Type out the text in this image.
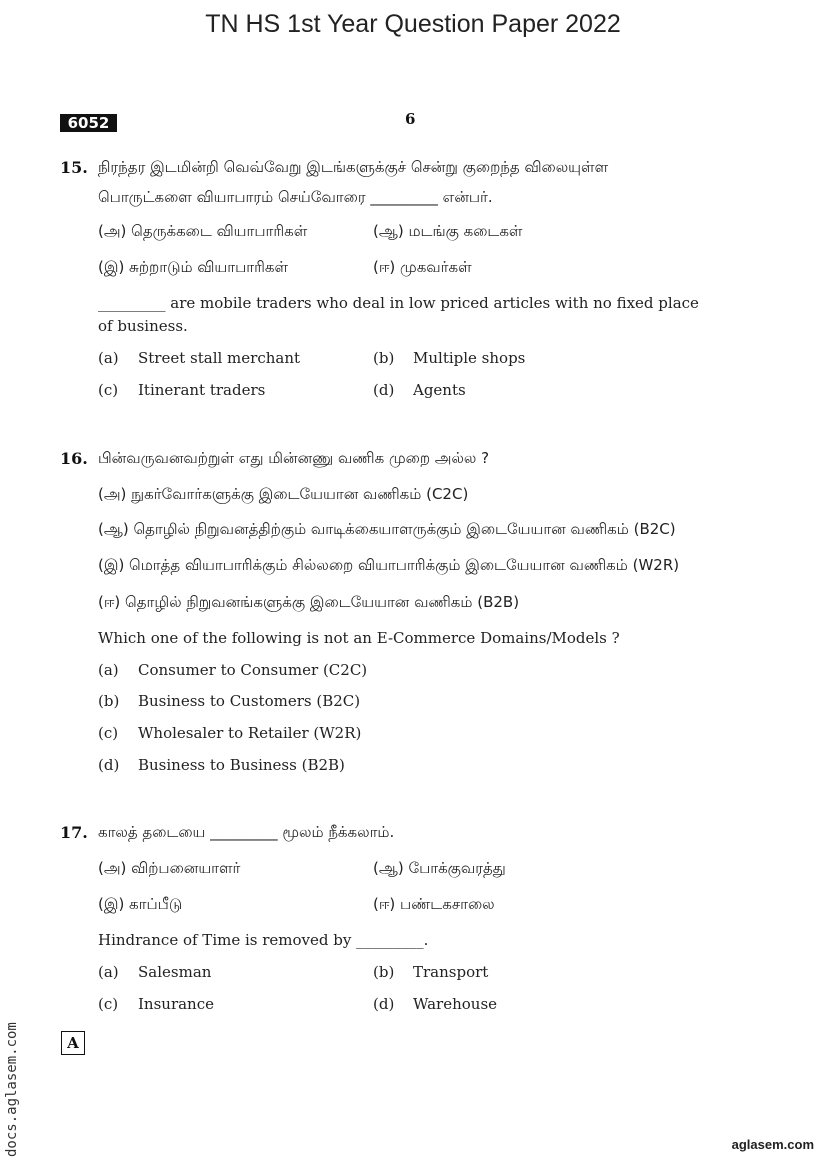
TN HS 1st Year Question Paper 2022
6052	6
15. நிரந்தர இடமின்றி வெவ்வேறு இடங்களுக்குச் சென்று குறைந்த விலையுள்ள
பொருட்களை வியாபாரம் செய்வோரை _________ என்பர்.
(அ) தெருக்கடை வியாபாரிகள்	(ஆ) மடங்கு கடைகள்
(இ) சுற்றாடும் வியாபாரிகள்	(ஈ) முகவர்கள்
_________ are mobile traders who deal in low priced articles with no fixed place
of business.
(a) Street stall merchant	(b) Multiple shops
(c) Itinerant traders	(d) Agents
16. பின்வருவனவற்றுள் எது மின்னணு வணிக முறை அல்ல ?
(அ) நுகர்வோர்களுக்கு இடையேயான வணிகம் (C2C)
(ஆ) தொழில் நிறுவனத்திற்கும் வாடிக்கையாளருக்கும் இடையேயான வணிகம் (B2C)
(இ) மொத்த வியாபாரிக்கும் சில்லறை வியாபாரிக்கும் இடையேயான வணிகம் (W2R)
(ஈ) தொழில் நிறுவனங்களுக்கு இடையேயான வணிகம் (B2B)
Which one of the following is not an E-Commerce Domains/Models ?
(a) Consumer to Consumer (C2C)
(b) Business to Customers (B2C)
(c) Wholesaler to Retailer (W2R)
(d) Business to Business (B2B)
17. காலத் தடையை _________ மூலம் நீக்கலாம்.
(அ) விற்பனையாளர்	(ஆ) போக்குவரத்து
(இ) காப்பீடு	(ஈ) பண்டகசாலை
Hindrance of Time is removed by _________.
(a) Salesman	(b) Transport
(c) Insurance	(d) Warehouse
A
docs.aglasem.com	aglasem.com
